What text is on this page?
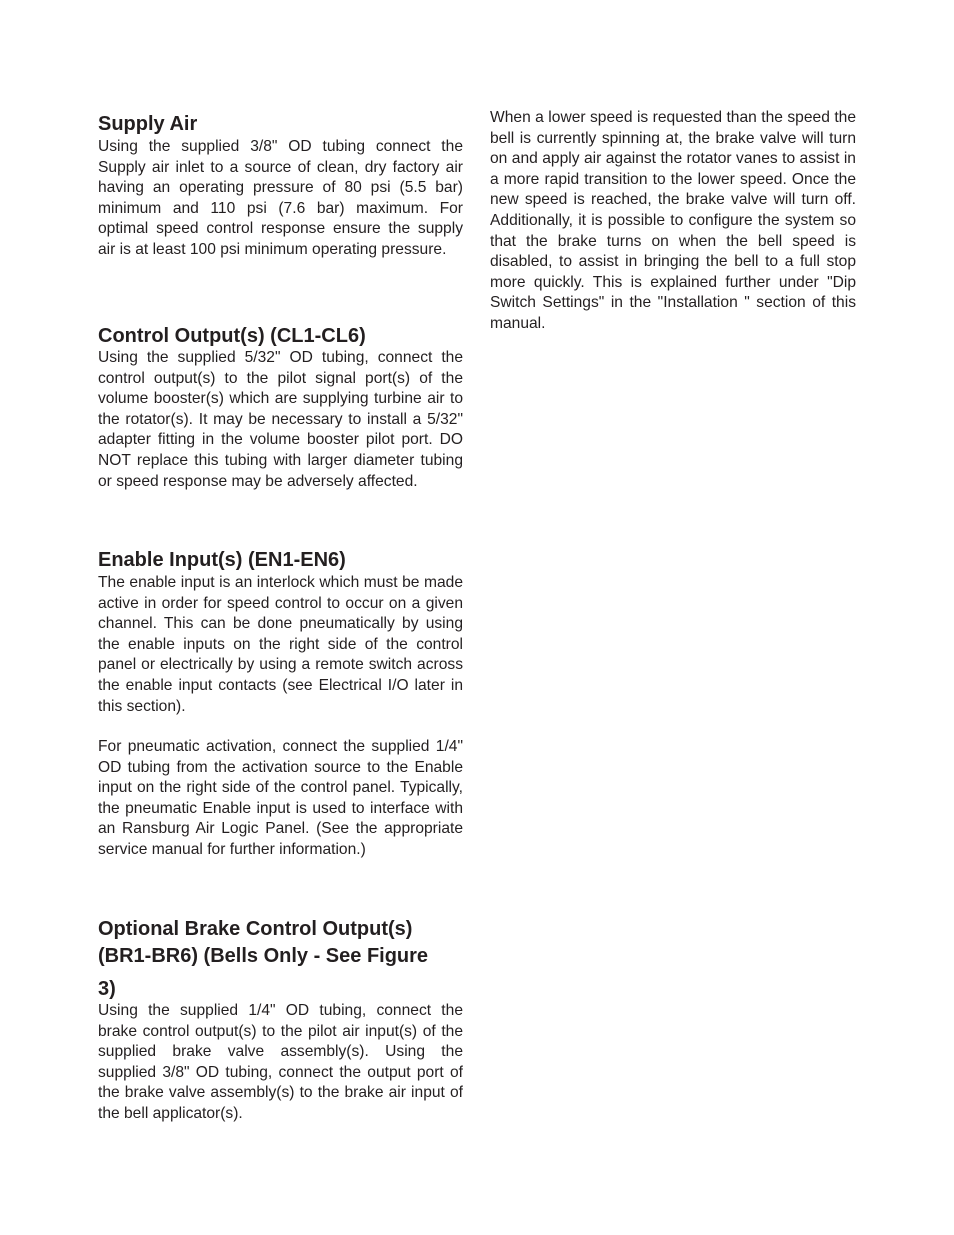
Supply Air

Using the supplied 3/8" OD tubing connect the Supply air inlet to a source of clean, dry factory air having an operating pressure of 80 psi (5.5 bar) minimum and 110 psi (7.6 bar) maximum. For optimal speed control response ensure the supply air is at least 100 psi minimum operating pressure.

Control Output(s) (CL1-CL6)

Using the supplied 5/32" OD tubing, connect the control output(s) to the pilot signal port(s) of the volume booster(s) which are supplying turbine air to the rotator(s). It may be necessary to install a 5/32" adapter fitting in the volume booster pilot port. DO NOT replace this tubing with larger diameter tubing or speed response may be adversely affected.

Enable Input(s) (EN1-EN6)

The enable input is an interlock which must be made active in order for speed control to occur on a given channel. This can be done pneumatically by using the enable inputs on the right side of the control panel or electrically by using a remote switch across the enable input contacts (see Electrical I/O later in this section).

For pneumatic activation, connect the supplied 1/4" OD tubing from the activation source to the Enable input on the right side of the control panel. Typically, the pneumatic Enable input is used to interface with an Ransburg Air Logic Panel. (See the appropriate service manual for further information.)

Optional Brake Control Output(s)
(BR1-BR6) (Bells Only - See Figure
3)

Using the supplied 1/4" OD tubing, connect the brake control output(s) to the pilot air input(s) of the supplied brake valve assembly(s). Using the supplied 3/8" OD tubing, connect the output port of the brake valve assembly(s) to the brake air input of the bell applicator(s).

When a lower speed is requested than the speed the bell is currently spinning at, the brake valve will turn on and apply air against the rotator vanes to assist in a more rapid transition to the lower speed. Once the new speed is reached, the brake valve will turn off. Additionally, it is possible to configure the system so that the brake turns on when the bell speed is disabled, to assist in bringing the bell to a full stop more quickly. This is explained further under "Dip Switch Settings" in the "Installation " section of this manual.
